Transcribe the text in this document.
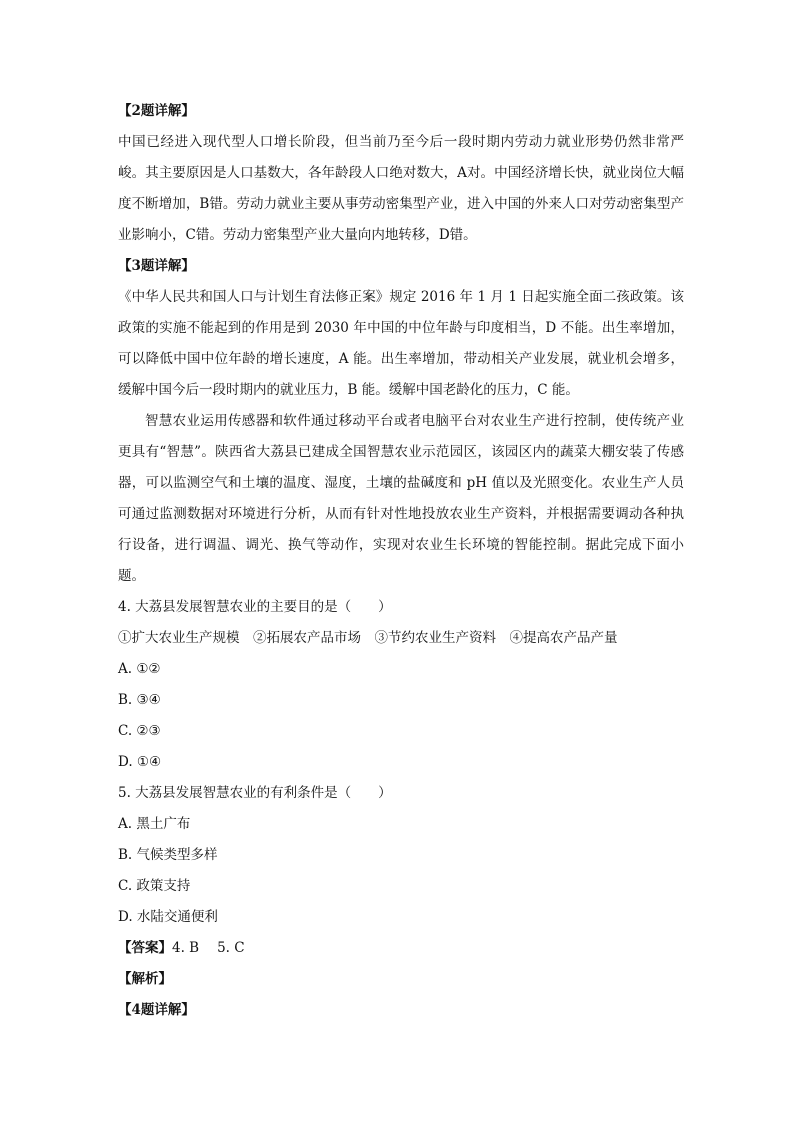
【2题详解】

中国已经进入现代型人口增长阶段，但当前乃至今后一段时期内劳动力就业形势仍然非常严峻。其主要原因是人口基数大，各年龄段人口绝对数大，A对。中国经济增长快，就业岗位大幅度不断增加，B错。劳动力就业主要从事劳动密集型产业，进入中国的外来人口对劳动密集型产业影响小，C错。劳动力密集型产业大量向内地转移，D错。

【3题详解】

《中华人民共和国人口与计划生育法修正案》规定 2016 年 1 月 1 日起实施全面二孩政策。该政策的实施不能起到的作用是到 2030 年中国的中位年龄与印度相当，D 不能。出生率增加，可以降低中国中位年龄的增长速度，A 能。出生率增加，带动相关产业发展，就业机会增多，缓解中国今后一段时期内的就业压力，B 能。缓解中国老龄化的压力，C 能。

智慧农业运用传感器和软件通过移动平台或者电脑平台对农业生产进行控制，使传统产业更具有“智慧”。陕西省大荔县已建成全国智慧农业示范园区，该园区内的蔬菜大棚安装了传感器，可以监测空气和土壤的温度、湿度，土壤的盐碱度和 pH 值以及光照变化。农业生产人员可通过监测数据对环境进行分析，从而有针对性地投放农业生产资料，并根据需要调动各种执行设备，进行调温、调光、换气等动作，实现对农业生长环境的智能控制。据此完成下面小题。

4. 大荔县发展智慧农业的主要目的是（　　）

①扩大农业生产规模　②拓展农产品市场　③节约农业生产资料　④提高农产品产量

A. ①②

B. ③④

C. ②③

D. ①④

5. 大荔县发展智慧农业的有利条件是（　　）

A. 黑土广布

B. 气候类型多样

C. 政策支持

D. 水陆交通便利

【答案】4. B 5. C

【解析】

【4题详解】
